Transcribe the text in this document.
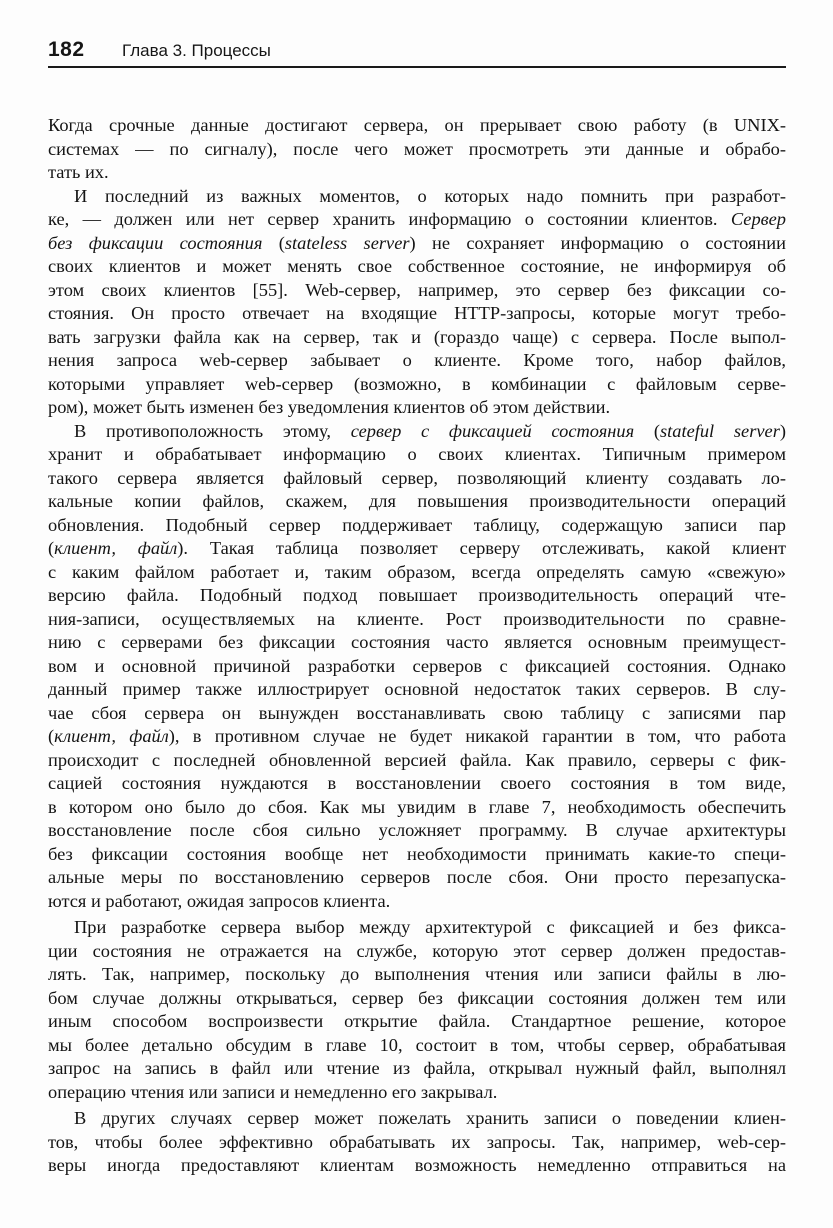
182 Глава 3. Процессы
Когда срочные данные достигают сервера, он прерывает свою работу (в UNIX-
системах — по сигналу), после чего может просмотреть эти данные и обрабо-
тать их.
И последний из важных моментов, о которых надо помнить при разработ-
ке, — должен или нет сервер хранить информацию о состоянии клиентов. Сервер
без фиксации состояния (stateless server) не сохраняет информацию о состоянии
своих клиентов и может менять свое собственное состояние, не информируя об
этом своих клиентов [55]. Web-сервер, например, это сервер без фиксации со-
стояния. Он просто отвечает на входящие HTTP-запросы, которые могут требо-
вать загрузки файла как на сервер, так и (гораздо чаще) с сервера. После выпол-
нения запроса web-сервер забывает о клиенте. Кроме того, набор файлов,
которыми управляет web-сервер (возможно, в комбинации с файловым серве-
ром), может быть изменен без уведомления клиентов об этом действии.
В противоположность этому, сервер с фиксацией состояния (stateful server)
хранит и обрабатывает информацию о своих клиентах. Типичным примером
такого сервера является файловый сервер, позволяющий клиенту создавать ло-
кальные копии файлов, скажем, для повышения производительности операций
обновления. Подобный сервер поддерживает таблицу, содержащую записи пар
(клиент, файл). Такая таблица позволяет серверу отслеживать, какой клиент
с каким файлом работает и, таким образом, всегда определять самую «свежую»
версию файла. Подобный подход повышает производительность операций чте-
ния-записи, осуществляемых на клиенте. Рост производительности по сравне-
нию с серверами без фиксации состояния часто является основным преимущест-
вом и основной причиной разработки серверов с фиксацией состояния. Однако
данный пример также иллюстрирует основной недостаток таких серверов. В слу-
чае сбоя сервера он вынужден восстанавливать свою таблицу с записями пар
(клиент, файл), в противном случае не будет никакой гарантии в том, что работа
происходит с последней обновленной версией файла. Как правило, серверы с фик-
сацией состояния нуждаются в восстановлении своего состояния в том виде,
в котором оно было до сбоя. Как мы увидим в главе 7, необходимость обеспечить
восстановление после сбоя сильно усложняет программу. В случае архитектуры
без фиксации состояния вообще нет необходимости принимать какие-то специ-
альные меры по восстановлению серверов после сбоя. Они просто перезапуска-
ются и работают, ожидая запросов клиента.
При разработке сервера выбор между архитектурой с фиксацией и без фикса-
ции состояния не отражается на службе, которую этот сервер должен предостав-
лять. Так, например, поскольку до выполнения чтения или записи файлы в лю-
бом случае должны открываться, сервер без фиксации состояния должен тем или
иным способом воспроизвести открытие файла. Стандартное решение, которое
мы более детально обсудим в главе 10, состоит в том, чтобы сервер, обрабатывая
запрос на запись в файл или чтение из файла, открывал нужный файл, выполнял
операцию чтения или записи и немедленно его закрывал.
В других случаях сервер может пожелать хранить записи о поведении клиен-
тов, чтобы более эффективно обрабатывать их запросы. Так, например, web-сер-
веры иногда предоставляют клиентам возможность немедленно отправиться на
